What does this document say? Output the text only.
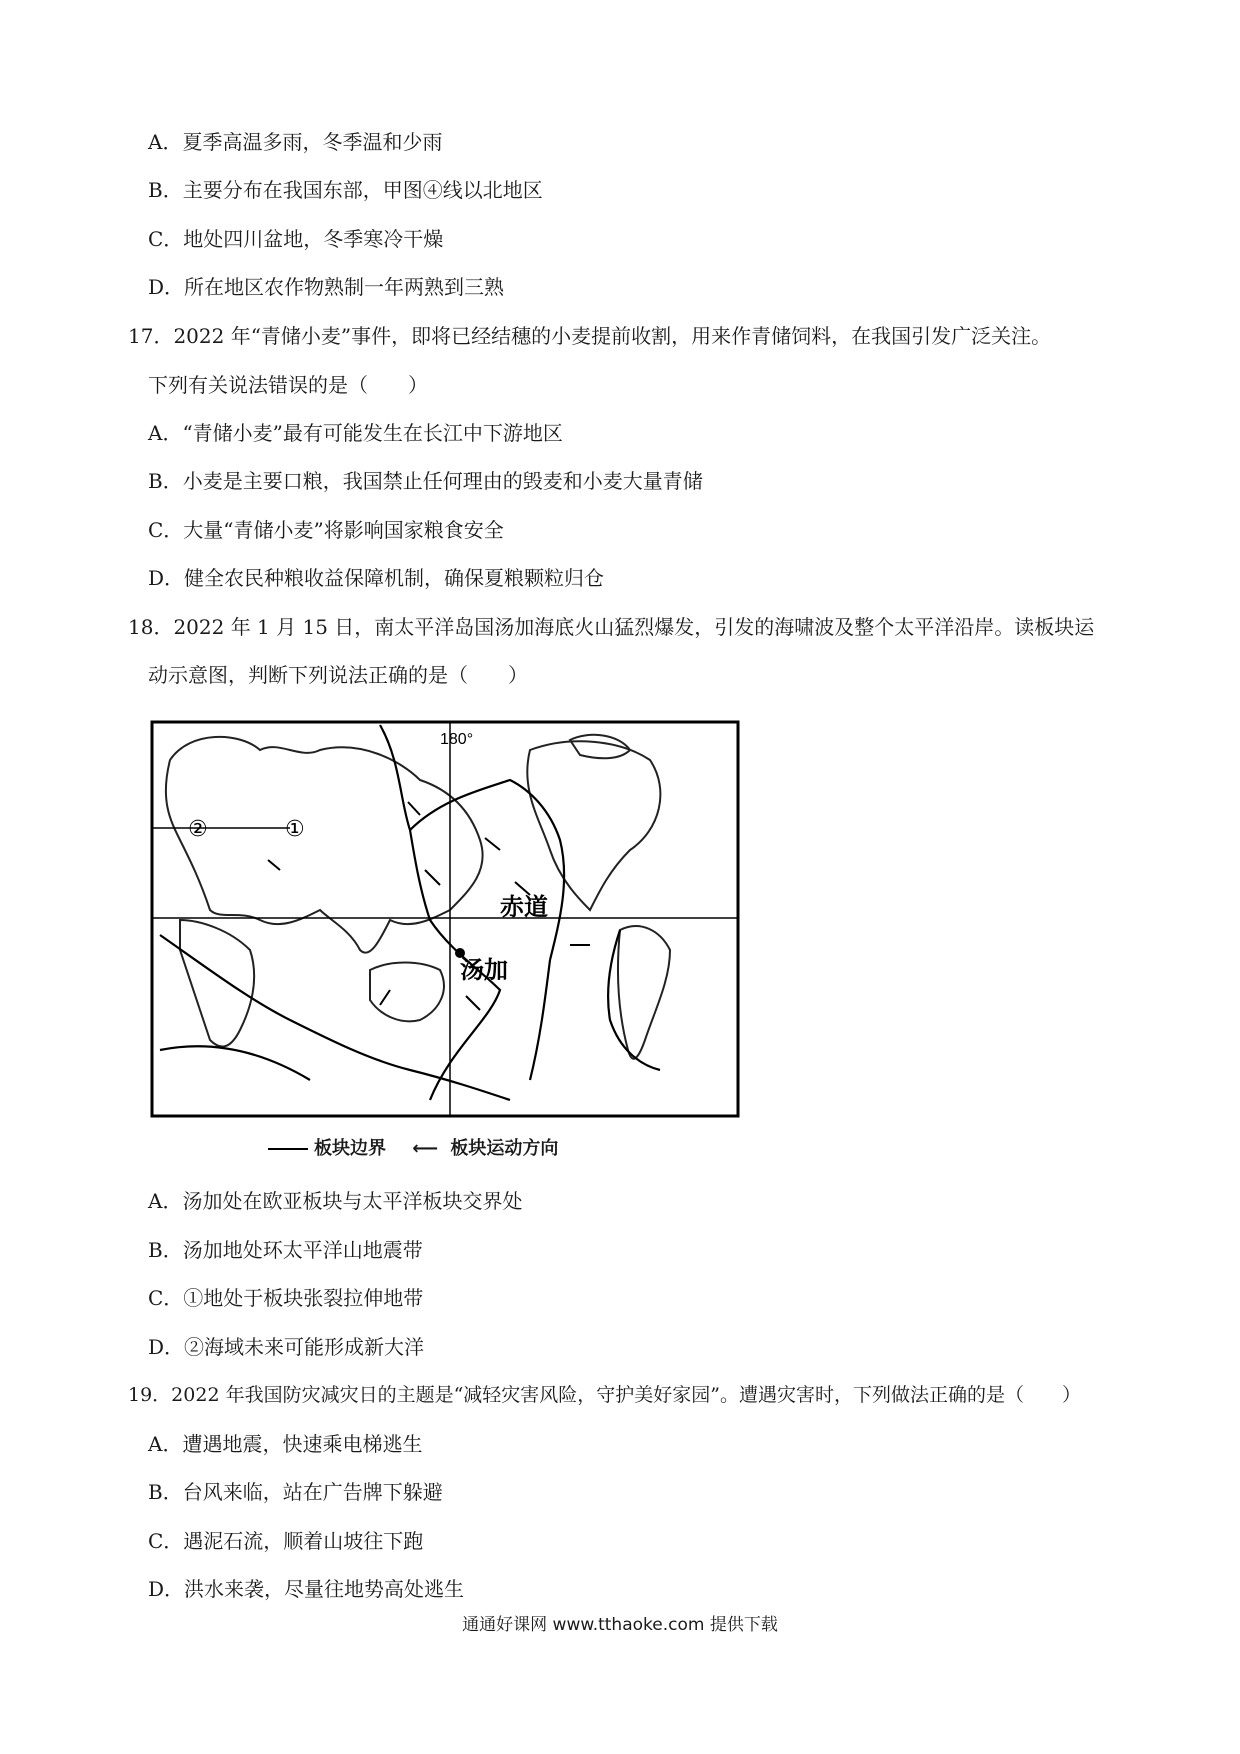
A．夏季高温多雨，冬季温和少雨
B．主要分布在我国东部，甲图④线以北地区
C．地处四川盆地，冬季寒冷干燥
D．所在地区农作物熟制一年两熟到三熟
17．2022 年“青储小麦”事件，即将已经结穗的小麦提前收割，用来作青储饲料，在我国引发广泛关注。
下列有关说法错误的是（　　）
A．“青储小麦”最有可能发生在长江中下游地区
B．小麦是主要口粮，我国禁止任何理由的毁麦和小麦大量青储
C．大量“青储小麦”将影响国家粮食安全
D．健全农民种粮收益保障机制，确保夏粮颗粒归仓
18．2022 年 1 月 15 日，南太平洋岛国汤加海底火山猛烈爆发，引发的海啸波及整个太平洋沿岸。读板块运
动示意图，判断下列说法正确的是（　　）
180°
赤道
汤加
②	①
板块边界 ⟵ 板块运动方向
A．汤加处在欧亚板块与太平洋板块交界处
B．汤加地处环太平洋山地震带
C．①地处于板块张裂拉伸地带
D．②海域未来可能形成新大洋
19．2022 年我国防灾减灾日的主题是“减轻灾害风险，守护美好家园”。遭遇灾害时，下列做法正确的是（　　）
A．遭遇地震，快速乘电梯逃生
B．台风来临，站在广告牌下躲避
C．遇泥石流，顺着山坡往下跑
D．洪水来袭，尽量往地势高处逃生
通通好课网 www.tthaoke.com 提供下载
